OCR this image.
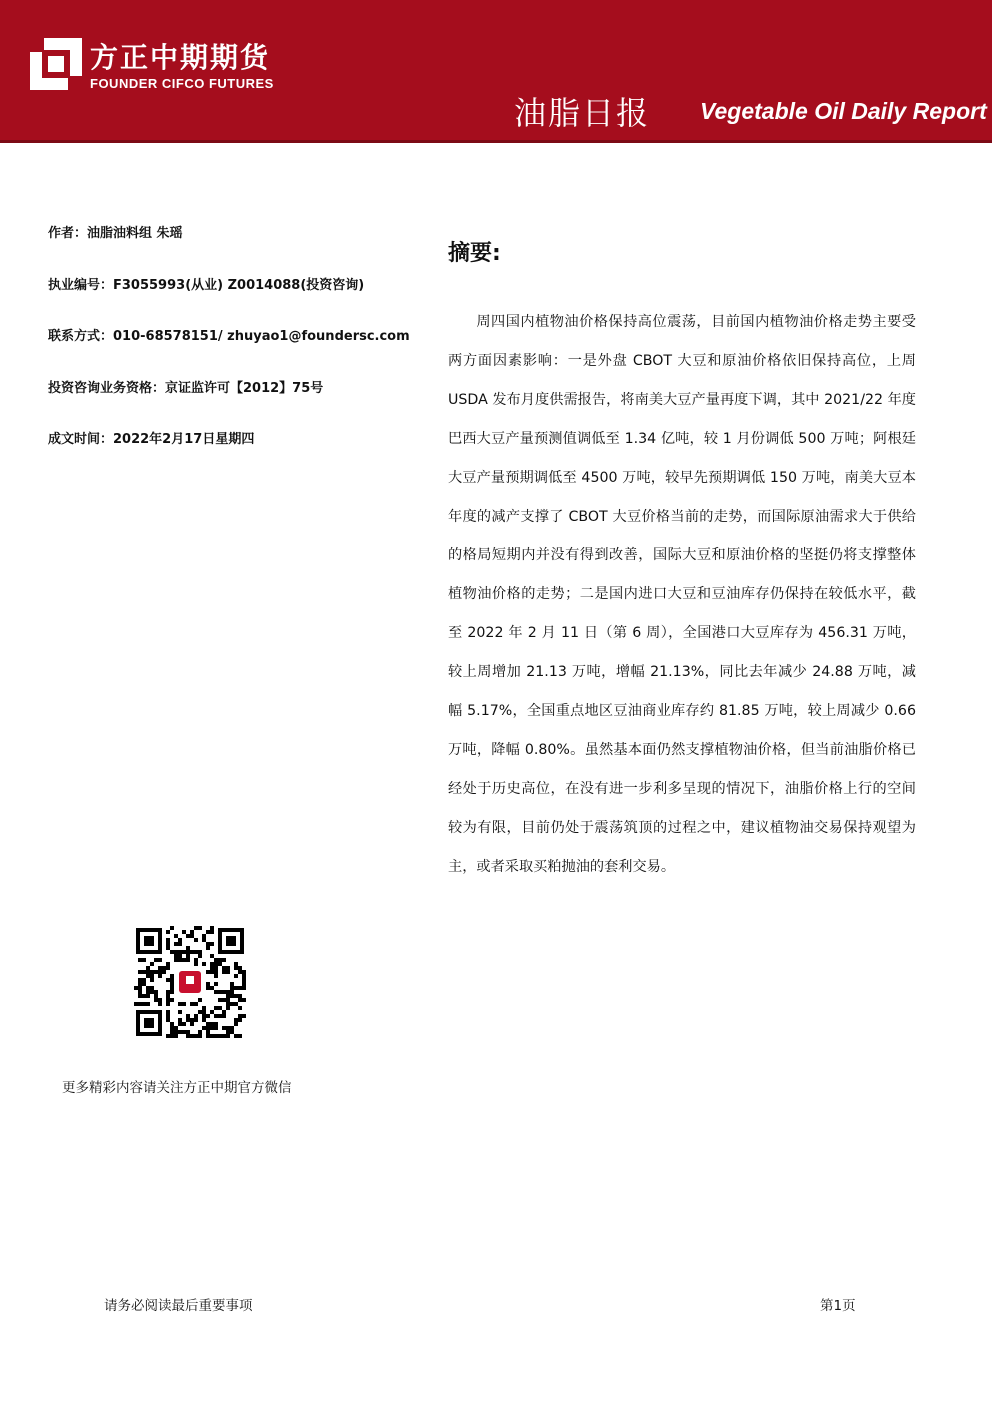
方正中期期货
FOUNDER CIFCO FUTURES
油脂日报 Vegetable Oil Daily Report

作者：油脂油料组 朱瑶

执业编号：F3055993(从业) Z0014088(投资咨询)

联系方式：010-68578151/ zhuyao1@foundersc.com

投资咨询业务资格：京证监许可【2012】75号

成文时间：2022年2月17日星期四

摘要:

周四国内植物油价格保持高位震荡，目前国内植物油价格走势主要受两方面因素影响：一是外盘 CBOT 大豆和原油价格依旧保持高位，上周 USDA 发布月度供需报告，将南美大豆产量再度下调，其中 2021/22 年度巴西大豆产量预测值调低至 1.34 亿吨，较 1 月份调低 500 万吨；阿根廷大豆产量预期调低至 4500 万吨，较早先预期调低 150 万吨，南美大豆本年度的减产支撑了 CBOT 大豆价格当前的走势，而国际原油需求大于供给的格局短期内并没有得到改善，国际大豆和原油价格的坚挺仍将支撑整体植物油价格的走势；二是国内进口大豆和豆油库存仍保持在较低水平，截至 2022 年 2 月 11 日（第 6 周），全国港口大豆库存为 456.31 万吨，较上周增加 21.13 万吨，增幅 21.13%，同比去年减少 24.88 万吨，减幅 5.17%，全国重点地区豆油商业库存约 81.85 万吨，较上周减少 0.66 万吨，降幅 0.80%。虽然基本面仍然支撑植物油价格，但当前油脂价格已经处于历史高位，在没有进一步利多呈现的情况下，油脂价格上行的空间较为有限，目前仍处于震荡筑顶的过程之中，建议植物油交易保持观望为主，或者采取买粕抛油的套利交易。

更多精彩内容请关注方正中期官方微信
请务必阅读最后重要事项	第1页
